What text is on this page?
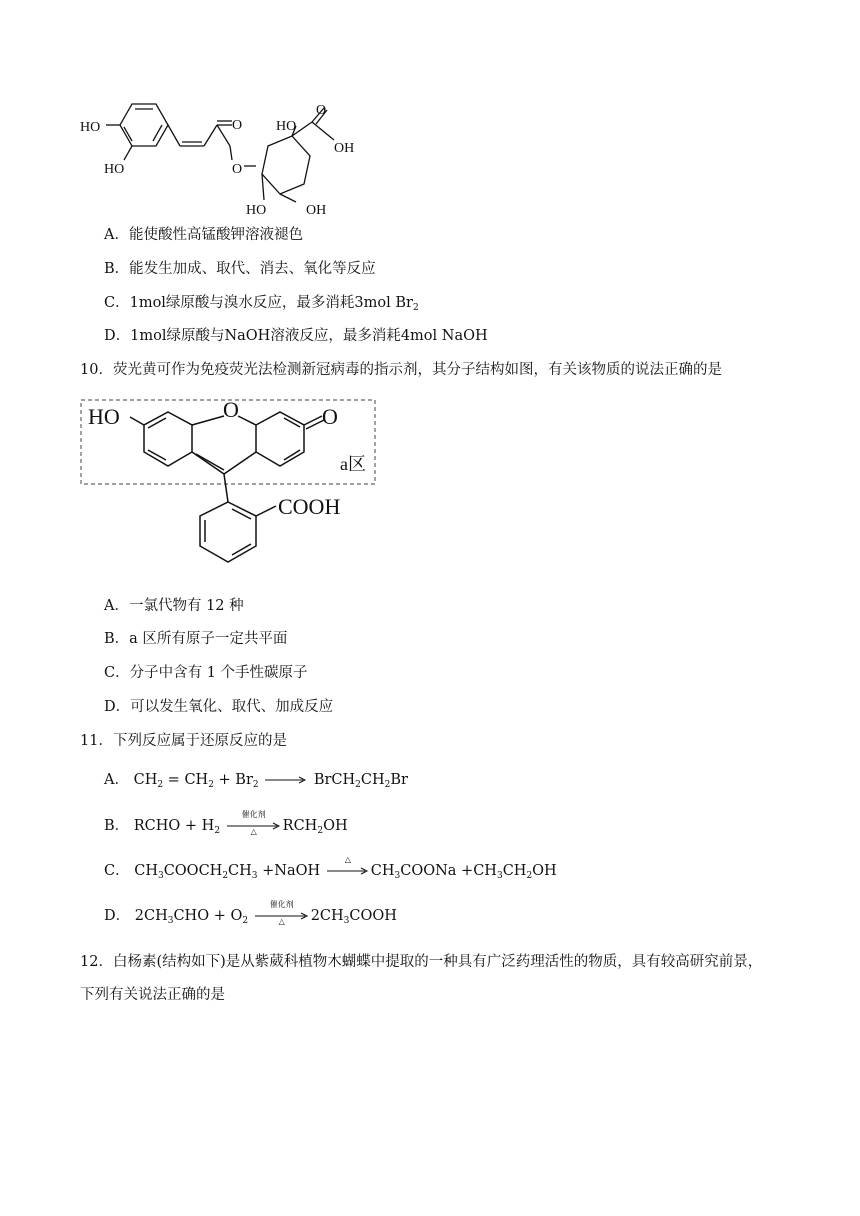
HO
HO
O
O
HO
O
OH
HO	OH
A．能使酸性高锰酸钾溶液褪色
B．能发生加成、取代、消去、氧化等反应
C．1mol绿原酸与溴水反应，最多消耗3mol $Br_2$
D．1mol绿原酸与NaOH溶液反应，最多消耗4mol NaOH
10．荧光黄可作为免疫荧光法检测新冠病毒的指示剂，其分子结构如图，有关该物质的说法正确的是
HO	O	O
a区
COOH
A．一氯代物有 12 种
B．a 区所有原子一定共平面
C．分子中含有 1 个手性碳原子
D．可以发生氧化、取代、加成反应
11．下列反应属于还原反应的是
A． $CH_2 = CH_2 + Br_2$ → $BrCH_2CH_2Br$
B． RCHO + $H_2$
催化剂
△	$RCH_2OH$
C． $CH_3COOCH_2CH_3$ +NaOH
△
$CH_3COONa +CH_3CH_2OH$
D． $2CH_3CHO + O_2$
催化剂
△	$2CH_3COOH$
12．白杨素(结构如下)是从紫葳科植物木蝴蝶中提取的一种具有广泛药理活性的物质，具有较高研究前景，
下列有关说法正确的是
